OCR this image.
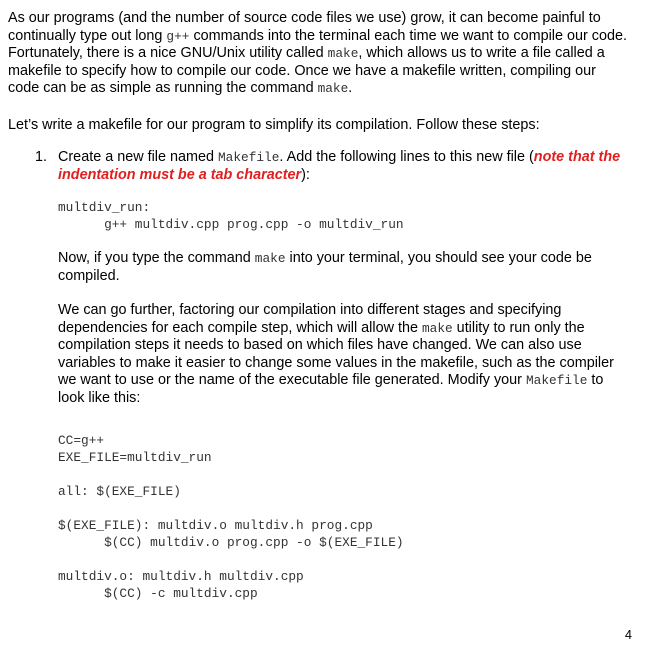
As our programs (and the number of source code files we use) grow, it can become painful to continually type out long g++ commands into the terminal each time we want to compile our code. Fortunately, there is a nice GNU/Unix utility called make, which allows us to write a file called a makefile to specify how to compile our code. Once we have a makefile written, compiling our code can be as simple as running the command make.
Let’s write a makefile for our program to simplify its compilation. Follow these steps:
1. Create a new file named Makefile. Add the following lines to this new file (note that the indentation must be a tab character):
multdiv_run:
g++ multdiv.cpp prog.cpp -o multdiv_run
Now, if you type the command make into your terminal, you should see your code be compiled.
We can go further, factoring our compilation into different stages and specifying dependencies for each compile step, which will allow the make utility to run only the compilation steps it needs to based on which files have changed. We can also use variables to make it easier to change some values in the makefile, such as the compiler we want to use or the name of the executable file generated. Modify your Makefile to look like this:
CC=g++
EXE_FILE=multdiv_run

all: $(EXE_FILE)

$(EXE_FILE): multdiv.o multdiv.h prog.cpp
$(CC) multdiv.o prog.cpp -o $(EXE_FILE)

multdiv.o: multdiv.h multdiv.cpp
$(CC) -c multdiv.cpp
4
